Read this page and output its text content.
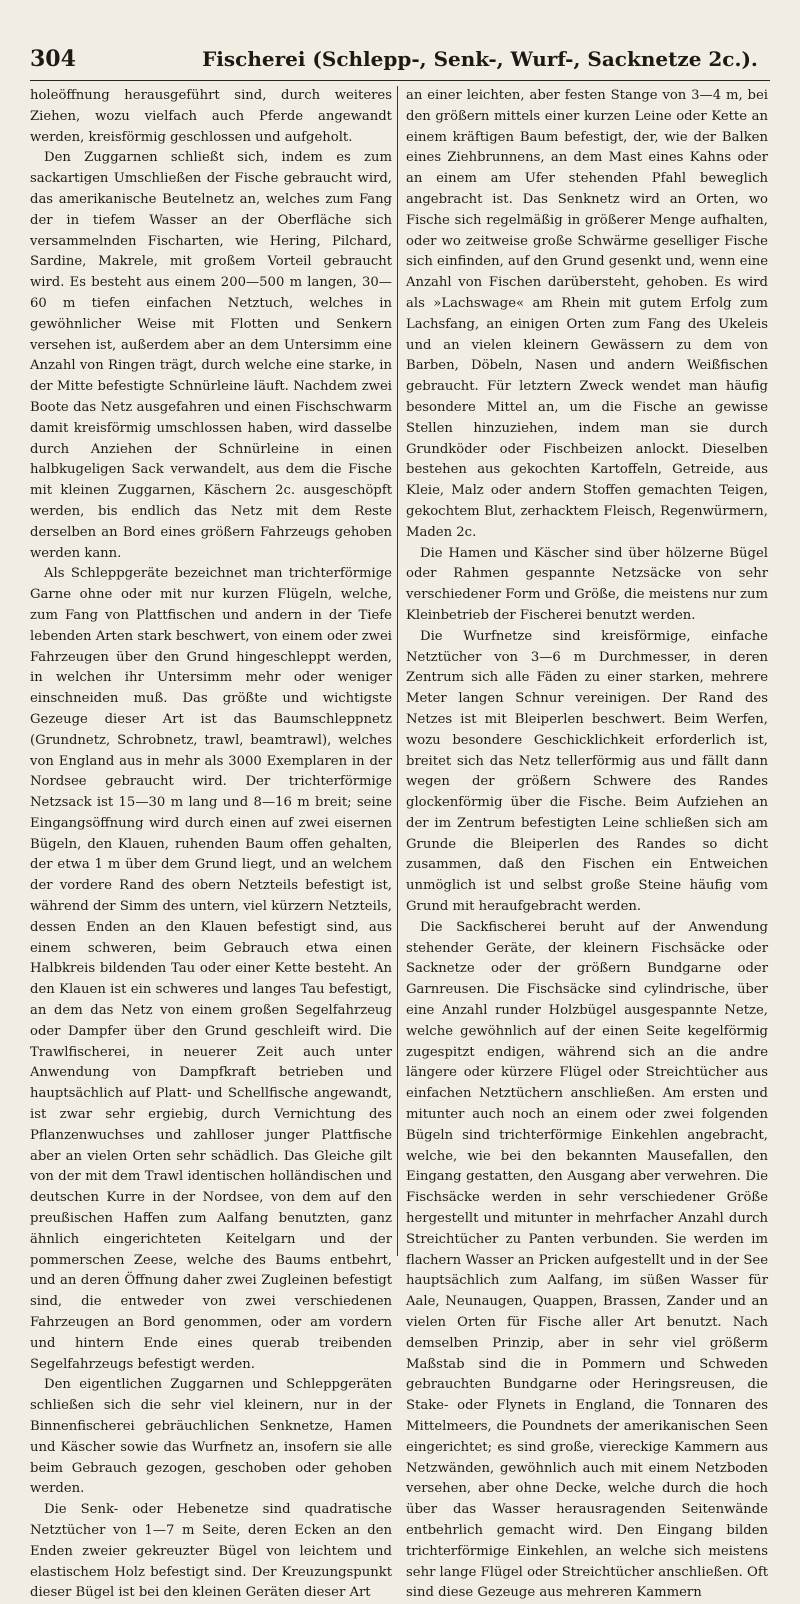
304	Fischerei (Schlepp-, Senk-, Wurf-, Sacknetze 2c.).

holeöffnung herausgeführt sind, durch weiteres Ziehen, wozu vielfach auch Pferde angewandt werden, kreisförmig geschlossen und aufgeholt.

Den Zuggarnen schließt sich, indem es zum sackartigen Umschließen der Fische gebraucht wird, das amerikanische Beutelnetz an, welches zum Fang der in tiefem Wasser an der Oberfläche sich versammelnden Fischarten, wie Hering, Pilchard, Sardine, Makrele, mit großem Vorteil gebraucht wird. Es besteht aus einem 200—500 m langen, 30—60 m tiefen einfachen Netztuch, welches in gewöhnlicher Weise mit Flotten und Senkern versehen ist, außerdem aber an dem Untersimm eine Anzahl von Ringen trägt, durch welche eine starke, in der Mitte befestigte Schnürleine läuft. Nachdem zwei Boote das Netz ausgefahren und einen Fischschwarm damit kreisförmig umschlossen haben, wird dasselbe durch Anziehen der Schnürleine in einen halbkugeligen Sack verwandelt, aus dem die Fische mit kleinen Zuggarnen, Käschern 2c. ausgeschöpft werden, bis endlich das Netz mit dem Reste derselben an Bord eines größern Fahrzeugs gehoben werden kann.

Als Schleppgeräte bezeichnet man trichterförmige Garne ohne oder mit nur kurzen Flügeln, welche, zum Fang von Plattfischen und andern in der Tiefe lebenden Arten stark beschwert, von einem oder zwei Fahrzeugen über den Grund hingeschleppt werden, in welchen ihr Untersimm mehr oder weniger einschneiden muß. Das größte und wichtigste Gezeuge dieser Art ist das Baumschleppnetz (Grundnetz, Schrobnetz, trawl, beamtrawl), welches von England aus in mehr als 3000 Exemplaren in der Nordsee gebraucht wird. Der trichterförmige Netzsack ist 15—30 m lang und 8—16 m breit; seine Eingangsöffnung wird durch einen auf zwei eisernen Bügeln, den Klauen, ruhenden Baum offen gehalten, der etwa 1 m über dem Grund liegt, und an welchem der vordere Rand des obern Netzteils befestigt ist, während der Simm des untern, viel kürzern Netzteils, dessen Enden an den Klauen befestigt sind, aus einem schweren, beim Gebrauch etwa einen Halbkreis bildenden Tau oder einer Kette besteht. An den Klauen ist ein schweres und langes Tau befestigt, an dem das Netz von einem großen Segelfahrzeug oder Dampfer über den Grund geschleift wird. Die Trawlfischerei, in neuerer Zeit auch unter Anwendung von Dampfkraft betrieben und hauptsächlich auf Platt- und Schellfische angewandt, ist zwar sehr ergiebig, durch Vernichtung des Pflanzenwuchses und zahlloser junger Plattfische aber an vielen Orten sehr schädlich. Das Gleiche gilt von der mit dem Trawl identischen holländischen und deutschen Kurre in der Nordsee, von dem auf den preußischen Haffen zum Aalfang benutzten, ganz ähnlich eingerichteten Keitelgarn und der pommerschen Zeese, welche des Baums entbehrt, und an deren Öffnung daher zwei Zugleinen befestigt sind, die entweder von zwei verschiedenen Fahrzeugen an Bord genommen, oder am vordern und hintern Ende eines querab treibenden Segelfahrzeugs befestigt werden.

Den eigentlichen Zuggarnen und Schleppgeräten schließen sich die sehr viel kleinern, nur in der Binnenfischerei gebräuchlichen Senknetze, Hamen und Käscher sowie das Wurfnetz an, insofern sie alle beim Gebrauch gezogen, geschoben oder gehoben werden.

Die Senk- oder Hebenetze sind quadratische Netztücher von 1—7 m Seite, deren Ecken an den Enden zweier gekreuzter Bügel von leichtem und elastischem Holz befestigt sind. Der Kreuzungspunkt dieser Bügel ist bei den kleinen Geräten dieser Art

an einer leichten, aber festen Stange von 3—4 m, bei den größern mittels einer kurzen Leine oder Kette an einem kräftigen Baum befestigt, der, wie der Balken eines Ziehbrunnens, an dem Mast eines Kahns oder an einem am Ufer stehenden Pfahl beweglich angebracht ist. Das Senknetz wird an Orten, wo Fische sich regelmäßig in größerer Menge aufhalten, oder wo zeitweise große Schwärme geselliger Fische sich einfinden, auf den Grund gesenkt und, wenn eine Anzahl von Fischen darübersteht, gehoben. Es wird als »Lachswage« am Rhein mit gutem Erfolg zum Lachsfang, an einigen Orten zum Fang des Ukeleis und an vielen kleinern Gewässern zu dem von Barben, Döbeln, Nasen und andern Weißfischen gebraucht. Für letztern Zweck wendet man häufig besondere Mittel an, um die Fische an gewisse Stellen hinzuziehen, indem man sie durch Grundköder oder Fischbeizen anlockt. Dieselben bestehen aus gekochten Kartoffeln, Getreide, aus Kleie, Malz oder andern Stoffen gemachten Teigen, gekochtem Blut, zerhacktem Fleisch, Regenwürmern, Maden 2c.

Die Hamen und Käscher sind über hölzerne Bügel oder Rahmen gespannte Netzsäcke von sehr verschiedener Form und Größe, die meistens nur zum Kleinbetrieb der Fischerei benutzt werden.

Die Wurfnetze sind kreisförmige, einfache Netztücher von 3—6 m Durchmesser, in deren Zentrum sich alle Fäden zu einer starken, mehrere Meter langen Schnur vereinigen. Der Rand des Netzes ist mit Bleiperlen beschwert. Beim Werfen, wozu besondere Geschicklichkeit erforderlich ist, breitet sich das Netz tellerförmig aus und fällt dann wegen der größern Schwere des Randes glockenförmig über die Fische. Beim Aufziehen an der im Zentrum befestigten Leine schließen sich am Grunde die Bleiperlen des Randes so dicht zusammen, daß den Fischen ein Entweichen unmöglich ist und selbst große Steine häufig vom Grund mit heraufgebracht werden.

Die Sackfischerei beruht auf der Anwendung stehender Geräte, der kleinern Fischsäcke oder Sacknetze oder der größern Bundgarne oder Garnreusen. Die Fischsäcke sind cylindrische, über eine Anzahl runder Holzbügel ausgespannte Netze, welche gewöhnlich auf der einen Seite kegelförmig zugespitzt endigen, während sich an die andre längere oder kürzere Flügel oder Streichtücher aus einfachen Netztüchern anschließen. Am ersten und mitunter auch noch an einem oder zwei folgenden Bügeln sind trichterförmige Einkehlen angebracht, welche, wie bei den bekannten Mausefallen, den Eingang gestatten, den Ausgang aber verwehren. Die Fischsäcke werden in sehr verschiedener Größe hergestellt und mitunter in mehrfacher Anzahl durch Streichtücher zu Panten verbunden. Sie werden im flachern Wasser an Pricken aufgestellt und in der See hauptsächlich zum Aalfang, im süßen Wasser für Aale, Neunaugen, Quappen, Brassen, Zander und an vielen Orten für Fische aller Art benutzt. Nach demselben Prinzip, aber in sehr viel größerm Maßstab sind die in Pommern und Schweden gebrauchten Bundgarne oder Heringsreusen, die Stake- oder Flynets in England, die Tonnaren des Mittelmeers, die Poundnets der amerikanischen Seen eingerichtet; es sind große, viereckige Kammern aus Netzwänden, gewöhnlich auch mit einem Netzboden versehen, aber ohne Decke, welche durch die hoch über das Wasser herausragenden Seitenwände entbehrlich gemacht wird. Den Eingang bilden trichterförmige Einkehlen, an welche sich meistens sehr lange Flügel oder Streichtücher anschließen. Oft sind diese Gezeuge aus mehreren Kammern
